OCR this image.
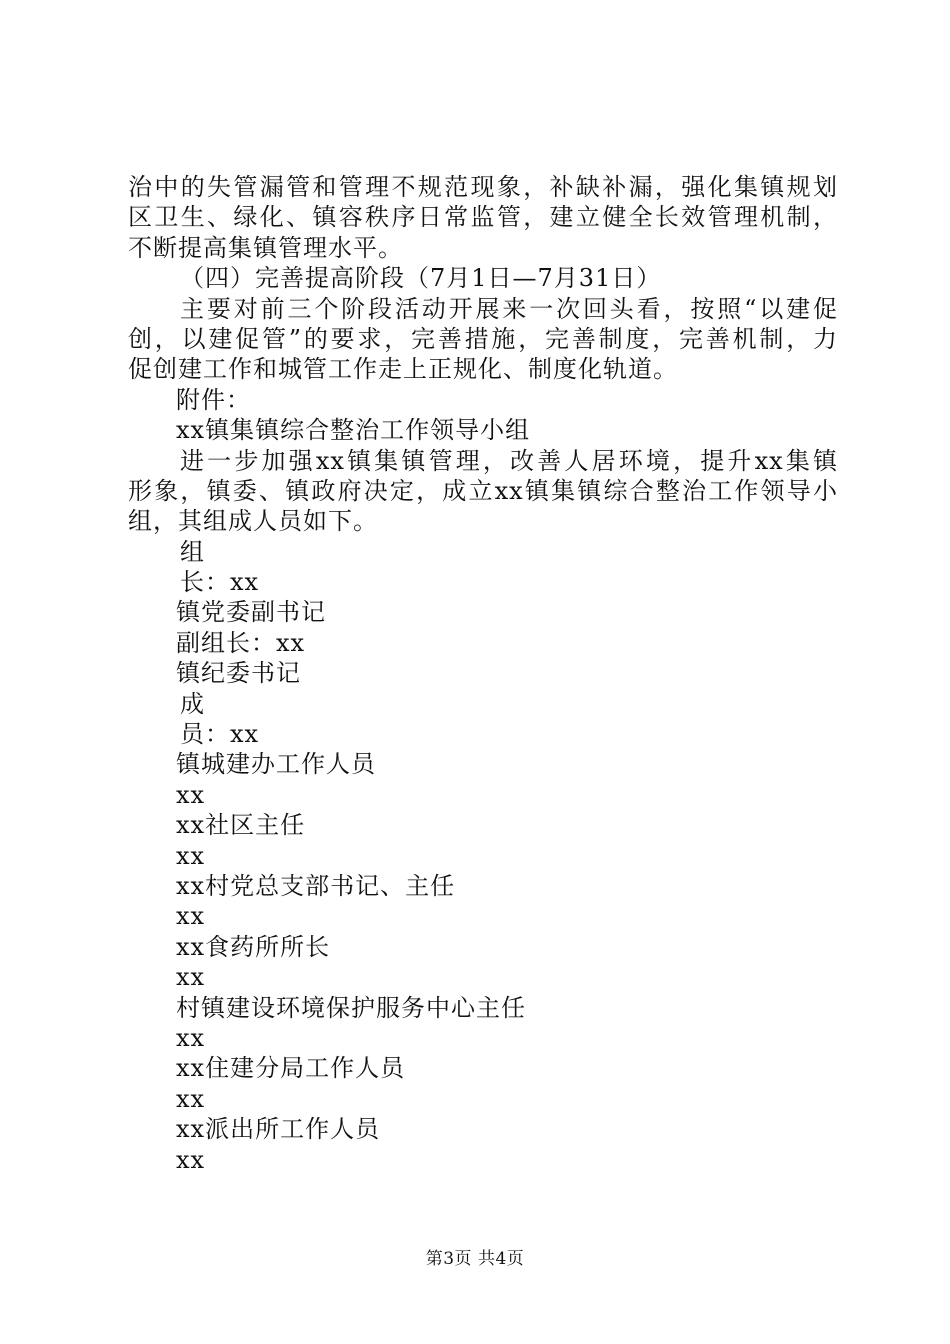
治中的失管漏管和管理不规范现象，补缺补漏，强化集镇规划
区卫生、绿化、镇容秩序日常监管，建立健全长效管理机制，
不断提高集镇管理水平。
（四）完善提高阶段（7月1日—7月31日）
主要对前三个阶段活动开展来一次回头看，按照“以建促
创，以建促管”的要求，完善措施，完善制度，完善机制，力
促创建工作和城管工作走上正规化、制度化轨道。
附件：
xx镇集镇综合整治工作领导小组
进一步加强xx镇集镇管理，改善人居环境，提升xx集镇
形象，镇委、镇政府决定，成立xx镇集镇综合整治工作领导小
组，其组成人员如下。
组
长：xx
镇党委副书记
副组长：xx
镇纪委书记
成
员：xx
镇城建办工作人员
xx
xx社区主任
xx
xx村党总支部书记、主任
xx
xx食药所所长
xx
村镇建设环境保护服务中心主任
xx
xx住建分局工作人员
xx
xx派出所工作人员
xx
第3页 共4页
